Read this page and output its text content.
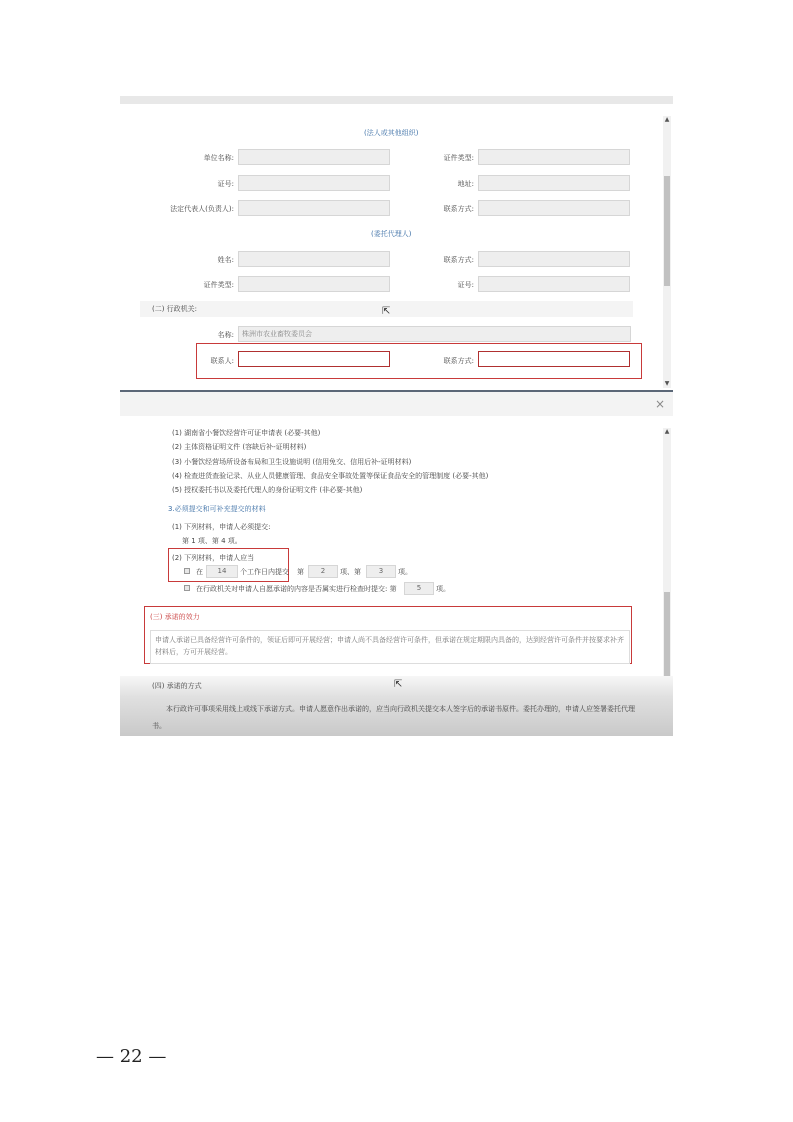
▲
▼
(法人或其他组织)
单位名称:	证件类型:
证号:	地址:
法定代表人(负责人):	联系方式:
(委托代理人)
姓名:	联系方式:
证件类型:	证号:
(二) 行政机关:	⇱
名称:	株洲市农业畜牧委员会
联系人:	联系方式:
×
▲
(1) 湖南省小餐饮经营许可证申请表 (必要-其他)
(2) 主体资格证明文件 (容缺后补-证明材料)
(3) 小餐饮经营场所设备布局和卫生设施说明 (信用免交、信用后补-证明材料)
(4) 检查进货查验记录、从业人员健康管理、食品安全事故处置等保证食品安全的管理制度 (必要-其他)
(5) 授权委托书以及委托代理人的身份证明文件 (非必要-其他)
3.必须提交和可补充提交的材料
(1) 下列材料，申请人必须提交:
第 1 项、第 4 项。
(2) 下列材料，申请人应当
在	14	个工作日内提交 第	2	项、第	3	项。
在行政机关对申请人自愿承诺的内容是否属实进行检查时提交: 第	5	项。
(三) 承诺的效力
申请人承诺已具备经营许可条件的，领证后即可开展经营；申请人尚不具备经营许可条件，但承诺在规定期限内具备的，达到经营许可条件并按要求补齐材料后，方可开展经营。
(四) 承诺的方式	⇱
本行政许可事项采用线上或线下承诺方式。申请人愿意作出承诺的，应当向行政机关提交本人签字后的承诺书原件。委托办理的，申请人应签署委托代理书。
— 22 —
